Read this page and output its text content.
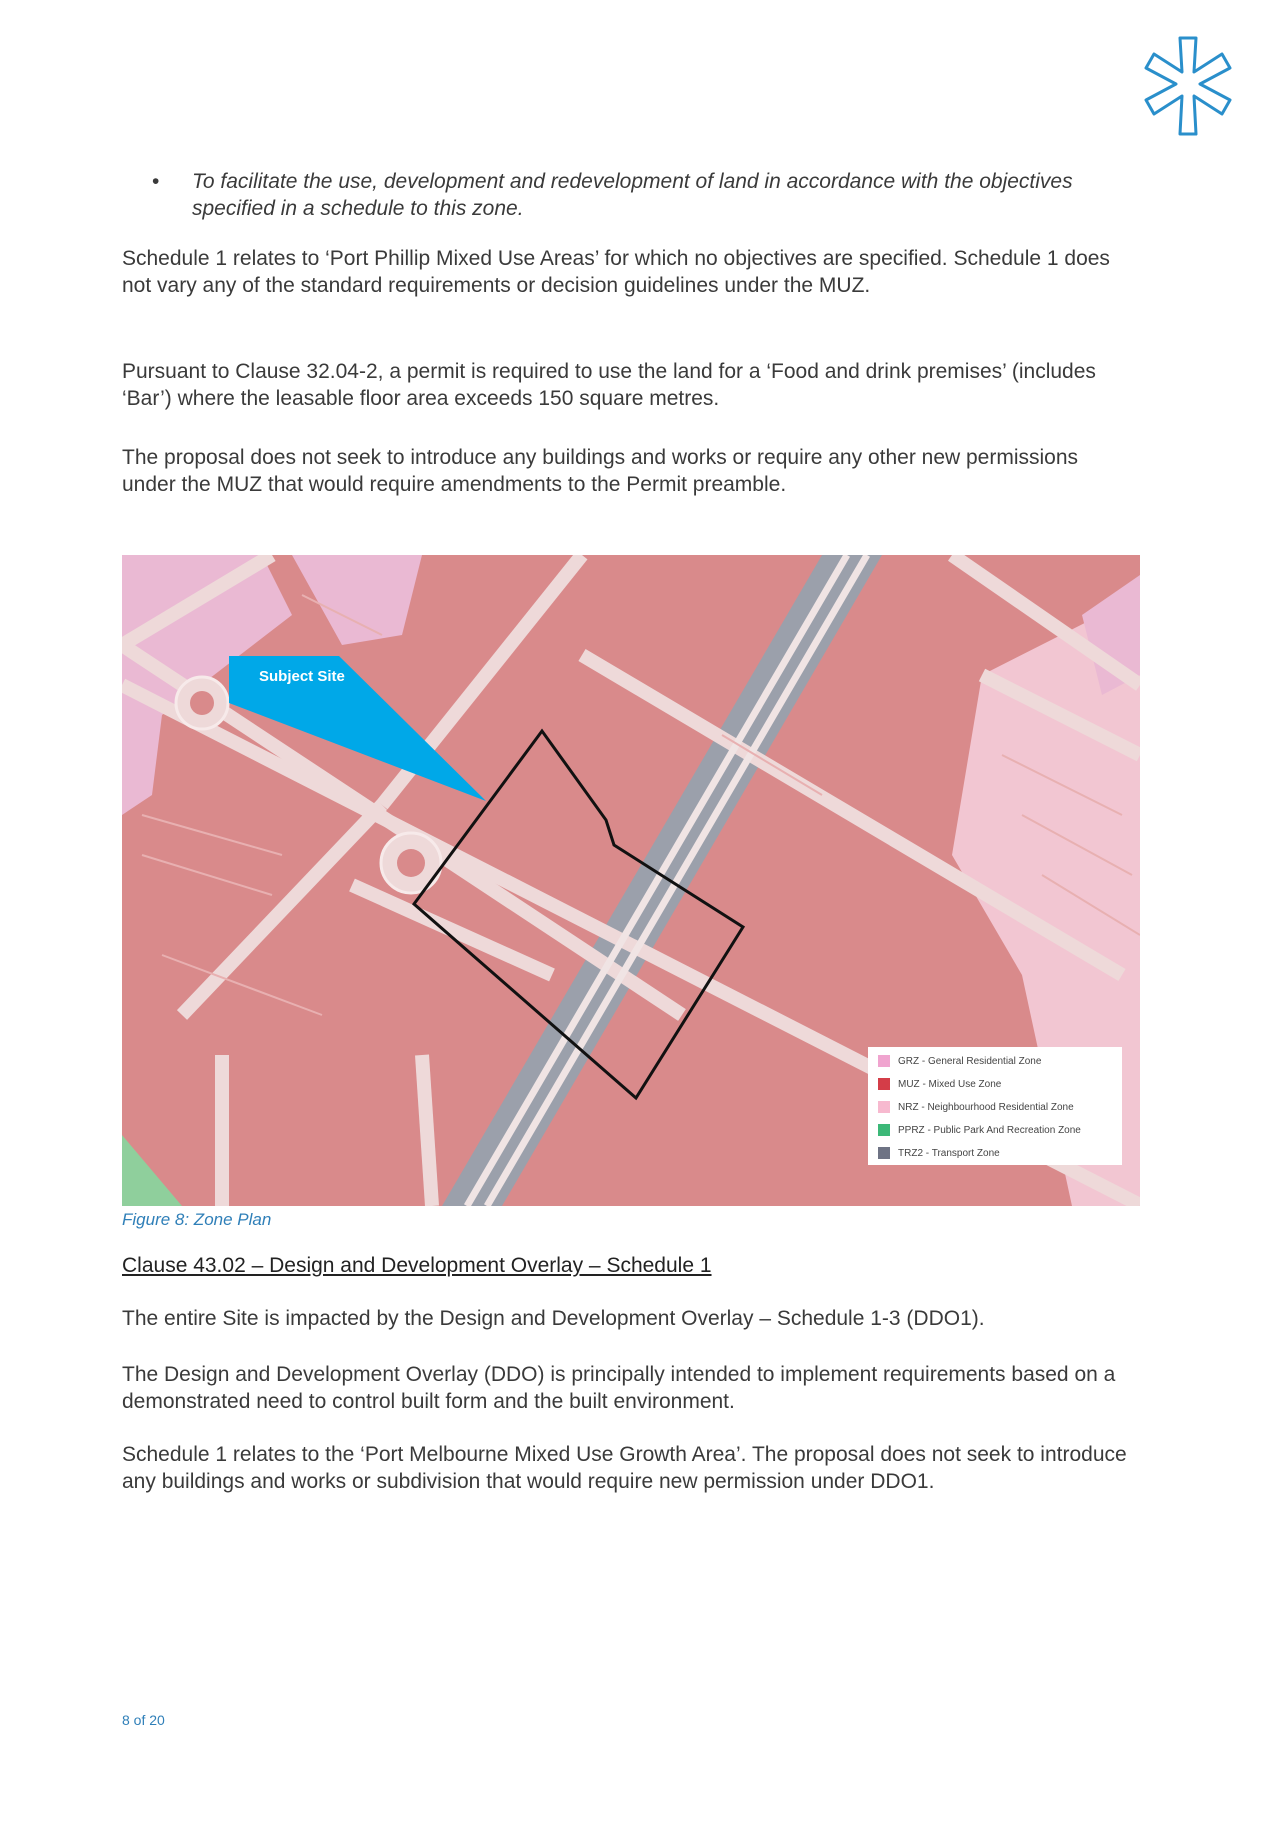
• To facilitate the use, development and redevelopment of land in accordance with the objectives specified in a schedule to this zone.

Schedule 1 relates to ‘Port Phillip Mixed Use Areas’ for which no objectives are specified. Schedule 1 does not vary any of the standard requirements or decision guidelines under the MUZ.

Pursuant to Clause 32.04-2, a permit is required to use the land for a ‘Food and drink premises’ (includes ‘Bar’) where the leasable floor area exceeds 150 square metres.

The proposal does not seek to introduce any buildings and works or require any other new permissions under the MUZ that would require amendments to the Permit preamble.

Subject Site
GRZ - General Residential Zone
MUZ - Mixed Use Zone
NRZ - Neighbourhood Residential Zone
PPRZ - Public Park And Recreation Zone
TRZ2 - Transport Zone

Figure 8: Zone Plan

Clause 43.02 – Design and Development Overlay – Schedule 1

The entire Site is impacted by the Design and Development Overlay – Schedule 1-3 (DDO1).

The Design and Development Overlay (DDO) is principally intended to implement requirements based on a demonstrated need to control built form and the built environment.

Schedule 1 relates to the ‘Port Melbourne Mixed Use Growth Area’. The proposal does not seek to introduce any buildings and works or subdivision that would require new permission under DDO1.

8 of 20
